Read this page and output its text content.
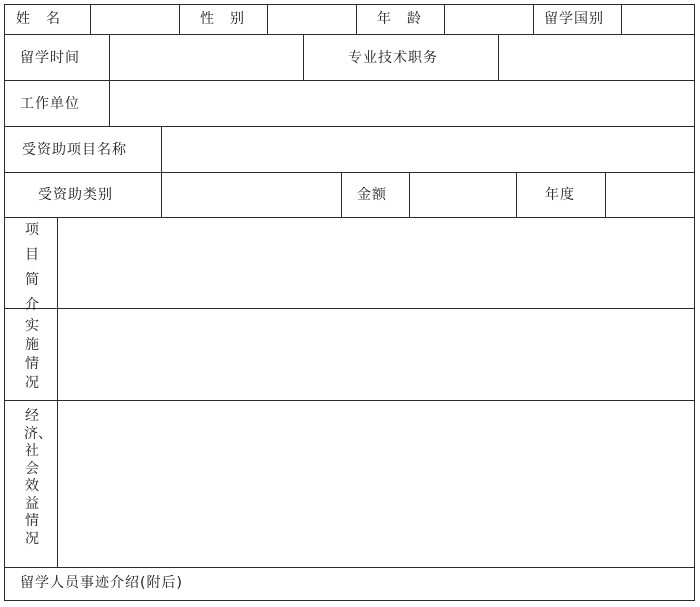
姓　名	性　别	年　龄	留学国别
留学时间	专业技术职务
工作单位
受资助项目名称
受资助类别	金额	年度
项目简介
实施情况
经济、社会效益情况
留学人员事迹介绍(附后)
